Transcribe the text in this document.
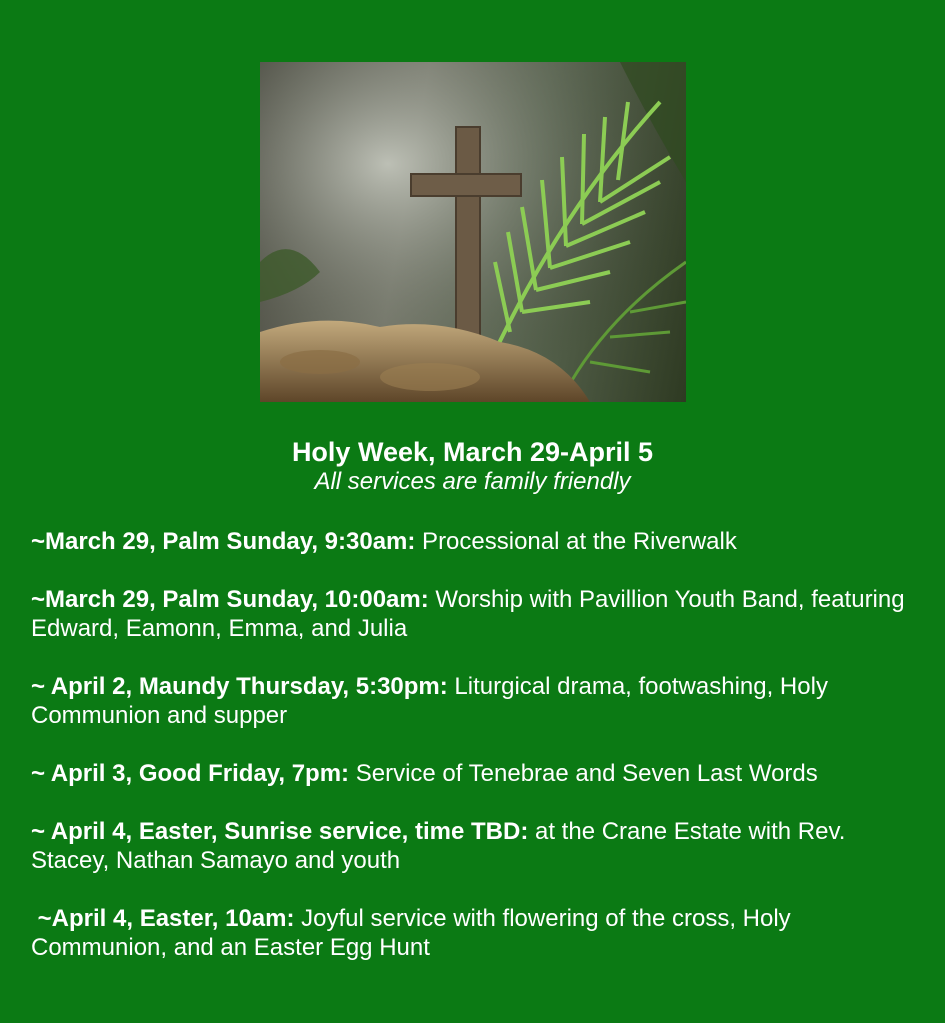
Holy Week, March 29-April 5
All services are family friendly
~March 29, Palm Sunday, 9:30am: Processional at the Riverwalk
~March 29, Palm Sunday, 10:00am: Worship with Pavillion Youth Band, featuring Edward, Eamonn, Emma, and Julia
~ April 2, Maundy Thursday, 5:30pm: Liturgical drama, footwashing, Holy Communion and supper
~ April 3, Good Friday, 7pm: Service of Tenebrae and Seven Last Words
~ April 4, Easter, Sunrise service, time TBD: at the Crane Estate with Rev. Stacey, Nathan Samayo and youth
~April 4, Easter, 10am: Joyful service with flowering of the cross, Holy Communion, and an Easter Egg Hunt
